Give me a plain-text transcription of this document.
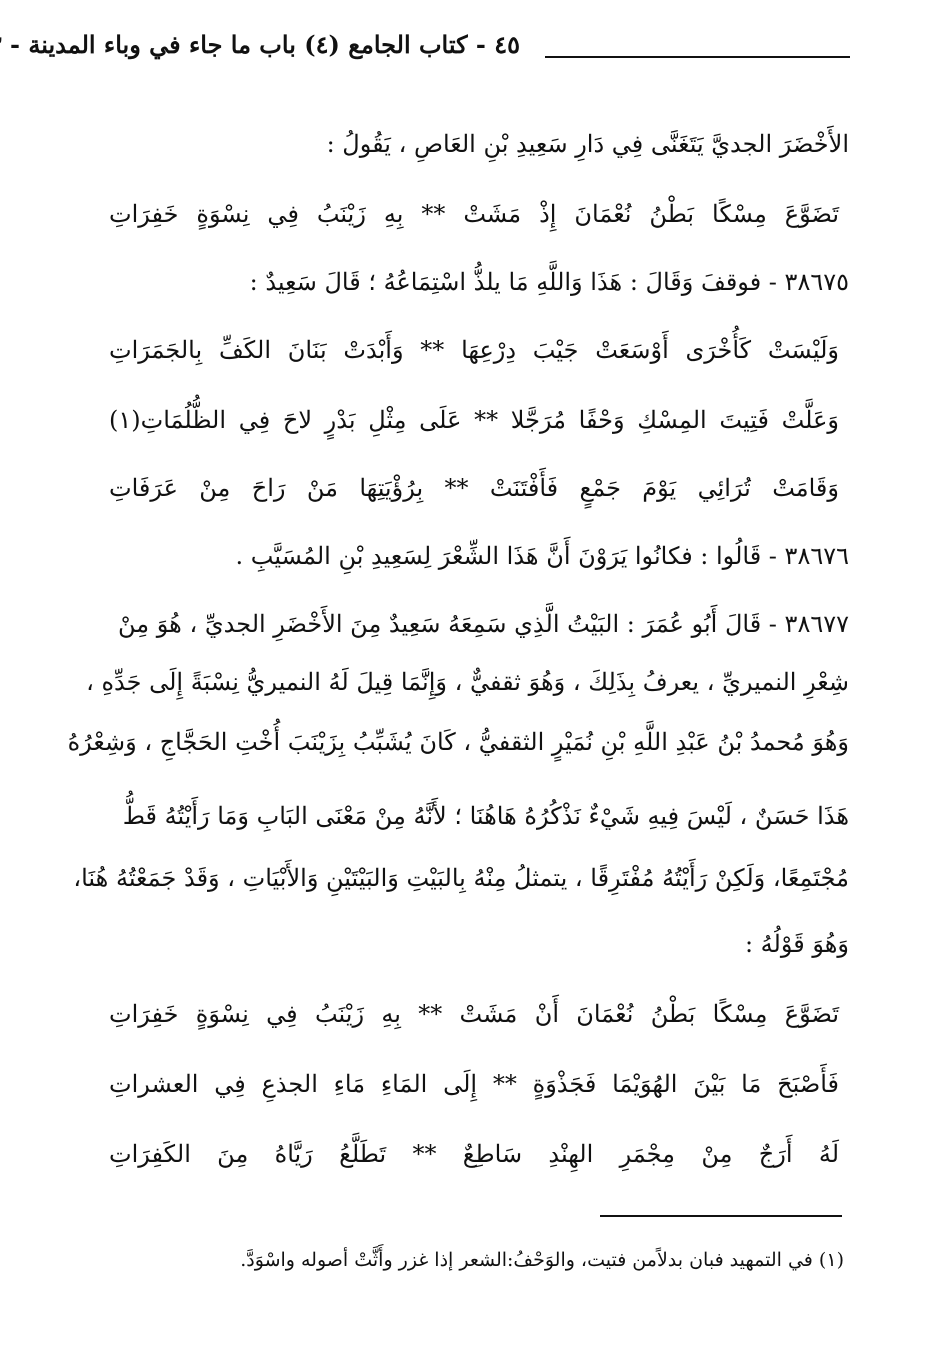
٤٥ - كتاب الجامع (٤) باب ما جاء في وباء المدينة -
الأَخْضَرَ الجديَّ يَتَغَنَّى فِي دَارِ سَعِيدِ بْنِ العَاصِ ، يَقُولُ :
تَضَوَّعَ مِسْكًا بَطْنُ نُعْمَانَ إِذْ مَشَتْ ** بِهِ زَيْنَبُ فِي نِسْوَةٍ خَفِرَاتِ
٣٨٦٧٥ - فوقفَ وَقَالَ : هَذَا وَاللَّهِ مَا يلذُّ اسْتِمَاعُهُ ؛ قَالَ سَعِيدٌ :
وَلَيْسَتْ كَأُخْرَى أَوْسَعَتْ جَيْبَ دِرْعِهَا ** وَأَبْدَتْ بَنَانَ الكَفِّ بِالجَمَرَاتِ
وَعَلَّتْ فَتِيتَ المِسْكِ وَحْفًا مُرَجَّلا ** عَلَى مِثْلِ بَدْرٍ لاحَ فِي الظُّلُمَاتِ(١)
وَقَامَتْ تُرَائِي يَوْمَ جَمْعٍ فَأَفْتَنَتْ ** بِرُؤْيَتِهَا مَنْ رَاحَ مِنْ عَرَفَاتِ
٣٨٦٧٦ - قَالُوا : فكانُوا يَرَوْنَ أَنَّ هَذَا الشِّعْرَ لِسَعِيدِ بْنِ المُسَيَّبِ .
٣٨٦٧٧ - قَالَ أَبُو عُمَرَ : البَيْتُ الَّذِي سَمِعَهُ سَعِيدٌ مِنَ الأَخْضَرِ الجديِّ ، هُوَ مِنْ
شِعْرِ النميريِّ ، يعرفُ بِذَلِكَ ، وَهُوَ ثقفيٌّ ، وَإِنَّمَا قِيلَ لَهُ النميريُّ نِسْبَةً إِلَى جَدِّهِ ،
وَهُوَ مُحمدُ بْنُ عَبْدِ اللَّهِ بْنِ نُمَيْرٍ الثقفيُّ ، كَانَ يُشَبِّبُ بِزَيْنَبَ أُخْتِ الحَجَّاجِ ، وَشِعْرُهُ
هَذَا حَسَنٌ ، لَيْسَ فِيهِ شَيْءٌ نَذْكُرُهُ هَاهُنَا ؛ لأَنَّهُ مِنْ مَعْنَى البَابِ وَمَا رَأَيْتُهُ قَطُّ
مُجْتَمِعًا، وَلَكِنْ رَأَيْتُهُ مُفْتَرِقًا ، يتمثلُ مِنْهُ بِالبَيْتِ وَالبَيْتَيْنِ وَالأَبْيَاتِ ، وَقَدْ جَمَعْتُهُ هُنَا،
وَهُوَ قَوْلُهُ :
تَضَوَّعَ مِسْكًا بَطْنُ نُعْمَانَ أَنْ مَشَتْ ** بِهِ زَيْنَبُ فِي نِسْوَةٍ خَفِرَاتِ
فَأَصْبَحَ مَا بَيْنَ الهُوَيْمَا فَجَذْوَةٍ ** إِلَى المَاءِ مَاءِ الجذعِ فِي العشراتِ
لَهُ أَرَجٌ مِنْ مِجْمَرِ الهِنْدِ سَاطِعٌ ** تَطَلَّعُ رَيَّاهُ مِنَ الكَفِرَاتِ
(١) في التمهيد فبان بدلاًمن فتيت، والوَحْفُ:الشعر إذا غزر وأَثَّتْ أصوله واسْوَدَّ.
